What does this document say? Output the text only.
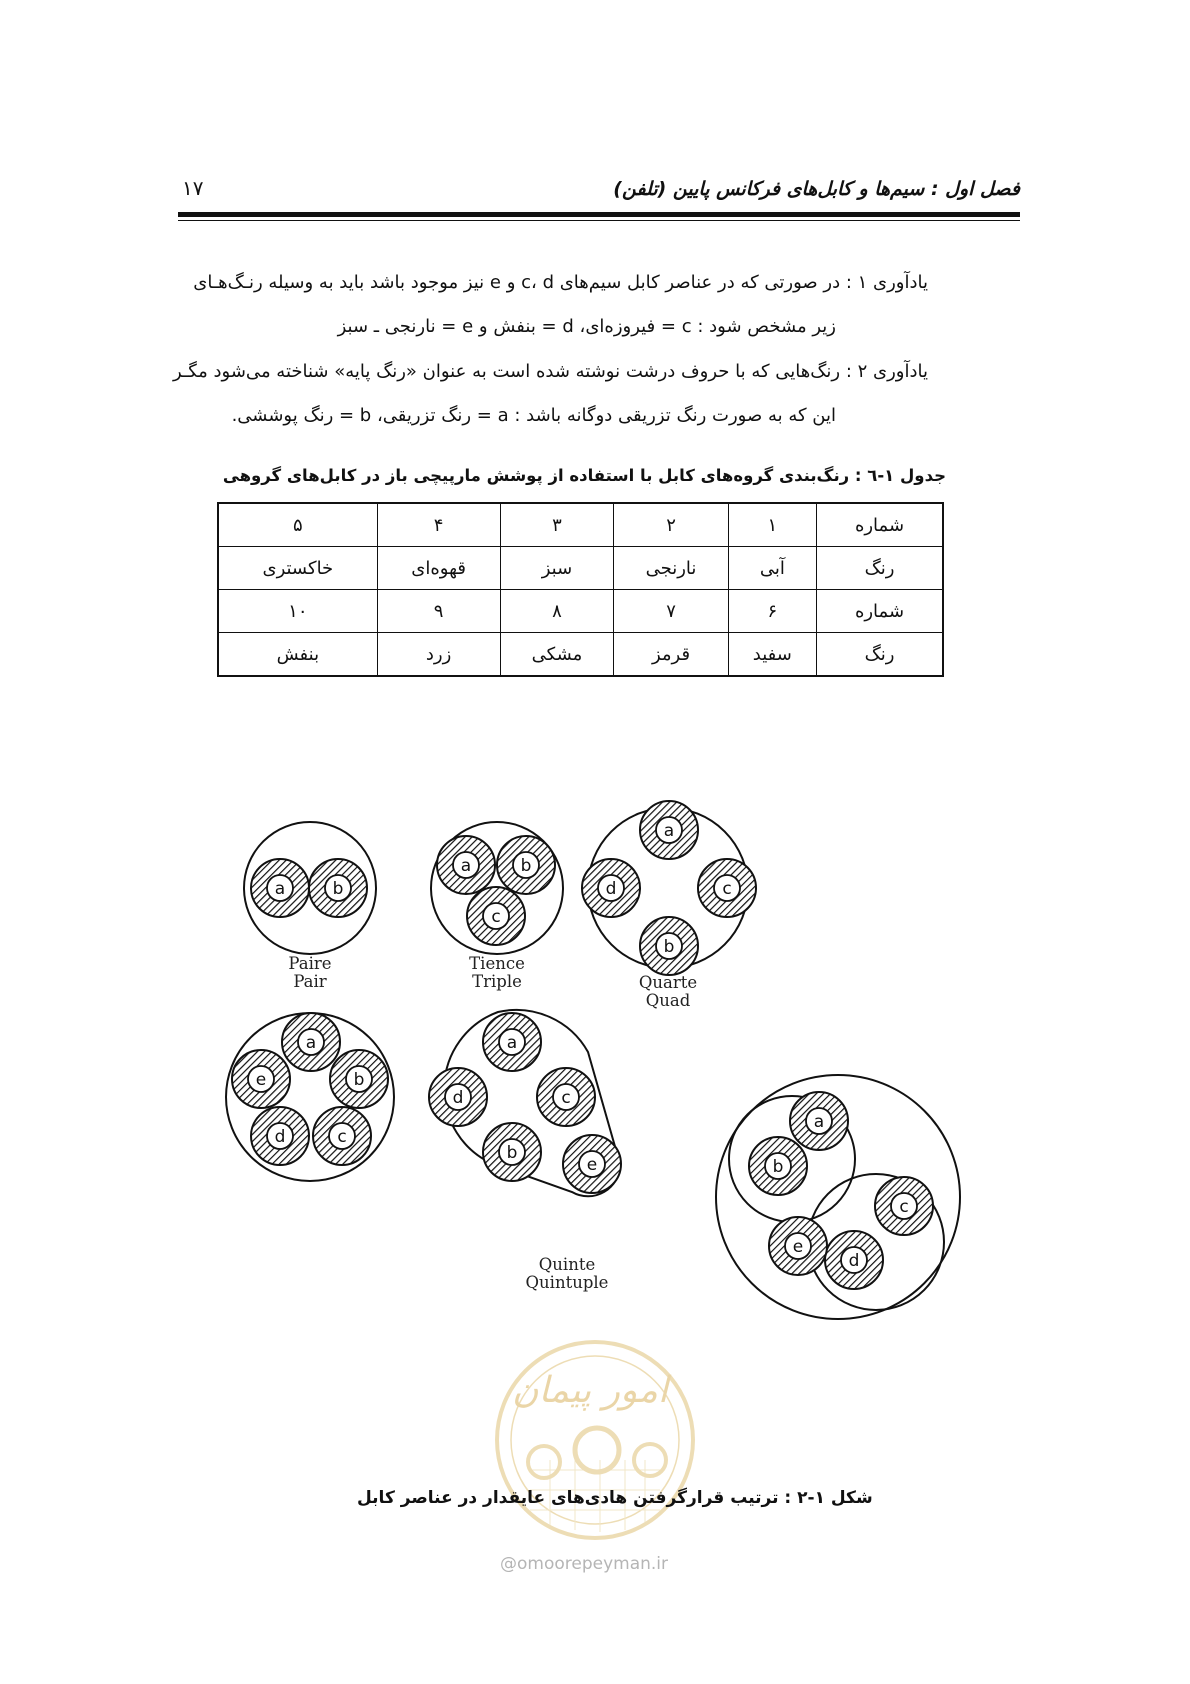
فصل اول : سیم‌ها و کابل‌های فرکانس پایین (تلفن)
۱۷
یادآوری ۱ : در صورتی که در عناصر کابل سیم‌های c، d و e نیز موجود باشد باید به وسیله رنـگ‌هـای
زیر مشخص شود : c = فیروزه‌ای، d = بنفش و e = نارنجی ـ سبز
یادآوری ۲ : رنگ‌هایی که با حروف درشت نوشته شده است به عنوان «رنگ پایه» شناخته می‌شود مگـر
این که به صورت رنگ تزریقی دوگانه باشد : a = رنگ تزریقی، b = رنگ پوششی.
جدول ۱-٦ : رنگ‌بندی گروه‌های کابل با استفاده از پوشش مارپیچی باز در کابل‌های گروهی
شماره	۱	۲	۳	۴	۵
رنگ	آبی	نارنجی	سبز	قهوه‌ای	خاکستری
شماره	۶	۷	۸	۹	۱۰
رنگ	سفید	قرمز	مشکی	زرد	بنفش
a	b
a	b
c
a
b
c
d
a
b
c
d
e
a
b
c
d
e
a
b
c
d
e
Paire
Pair
Tience
Triple	Quarte
Quad
Quinte
Quintuple
امور پیمان
شکل ۱-۲ : ترتیب قرارگرفتن هادی‌های عایقدار در عناصر کابل
@omoorepeyman.ir
